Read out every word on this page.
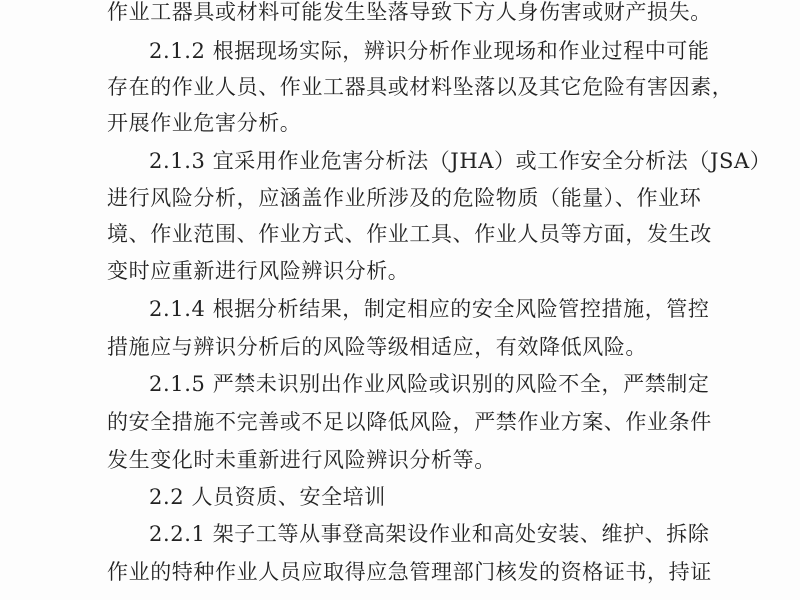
作业工器具或材料可能发生坠落导致下方人身伤害或财产损失。

2.1.2 根据现场实际，辨识分析作业现场和作业过程中可能

存在的作业人员、作业工器具或材料坠落以及其它危险有害因素，

开展作业危害分析。

2.1.3 宜采用作业危害分析法（JHA）或工作安全分析法（JSA）

进行风险分析，应涵盖作业所涉及的危险物质（能量）、作业环

境、作业范围、作业方式、作业工具、作业人员等方面，发生改

变时应重新进行风险辨识分析。

2.1.4 根据分析结果，制定相应的安全风险管控措施，管控

措施应与辨识分析后的风险等级相适应，有效降低风险。

2.1.5 严禁未识别出作业风险或识别的风险不全，严禁制定

的安全措施不完善或不足以降低风险，严禁作业方案、作业条件

发生变化时未重新进行风险辨识分析等。

2.2 人员资质、安全培训

2.2.1 架子工等从事登高架设作业和高处安装、维护、拆除

作业的特种作业人员应取得应急管理部门核发的资格证书，持证
